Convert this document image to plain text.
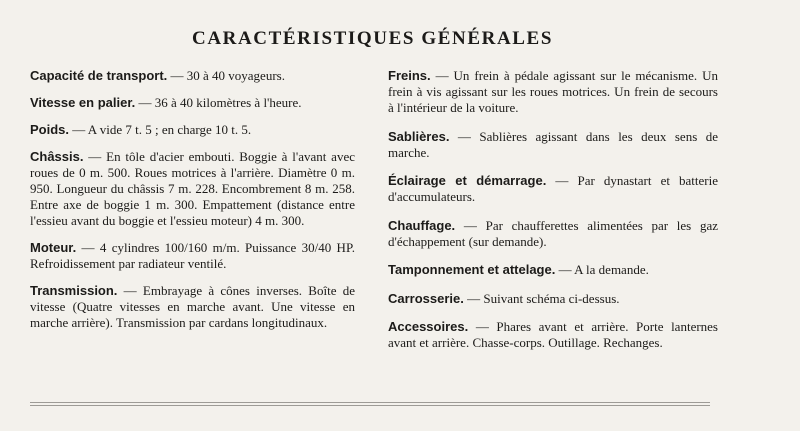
CARACTÉRISTIQUES GÉNÉRALES

Capacité de transport. — 30 à 40 voyageurs.

Vitesse en palier. — 36 à 40 kilomètres à l'heure.

Poids. — A vide 7 t. 5 ; en charge 10 t. 5.

Châssis. — En tôle d'acier embouti. Boggie à l'avant avec roues de 0 m. 500. Roues motrices à l'arrière. Diamètre 0 m. 950. Longueur du châssis 7 m. 228. Encombrement 8 m. 258. Entre axe de boggie 1 m. 300. Empattement (distance entre l'essieu avant du boggie et l'essieu moteur) 4 m. 300.

Moteur. — 4 cylindres 100/160 m/m. Puissance 30/40 HP. Refroidissement par radiateur ventilé.

Transmission. — Embrayage à cônes inverses. Boîte de vitesse (Quatre vitesses en marche avant. Une vitesse en marche arrière). Transmission par cardans longitudinaux.

Freins. — Un frein à pédale agissant sur le mécanisme. Un frein à vis agissant sur les roues motrices. Un frein de secours à l'intérieur de la voiture.

Sablières. — Sablières agissant dans les deux sens de marche.

Éclairage et démarrage. — Par dynastart et batterie d'accumulateurs.

Chauffage. — Par chaufferettes alimentées par les gaz d'échappement (sur demande).

Tamponnement et attelage. — A la demande.

Carrosserie. — Suivant schéma ci-dessus.

Accessoires. — Phares avant et arrière. Porte lanternes avant et arrière. Chasse-corps. Outillage. Rechanges.
